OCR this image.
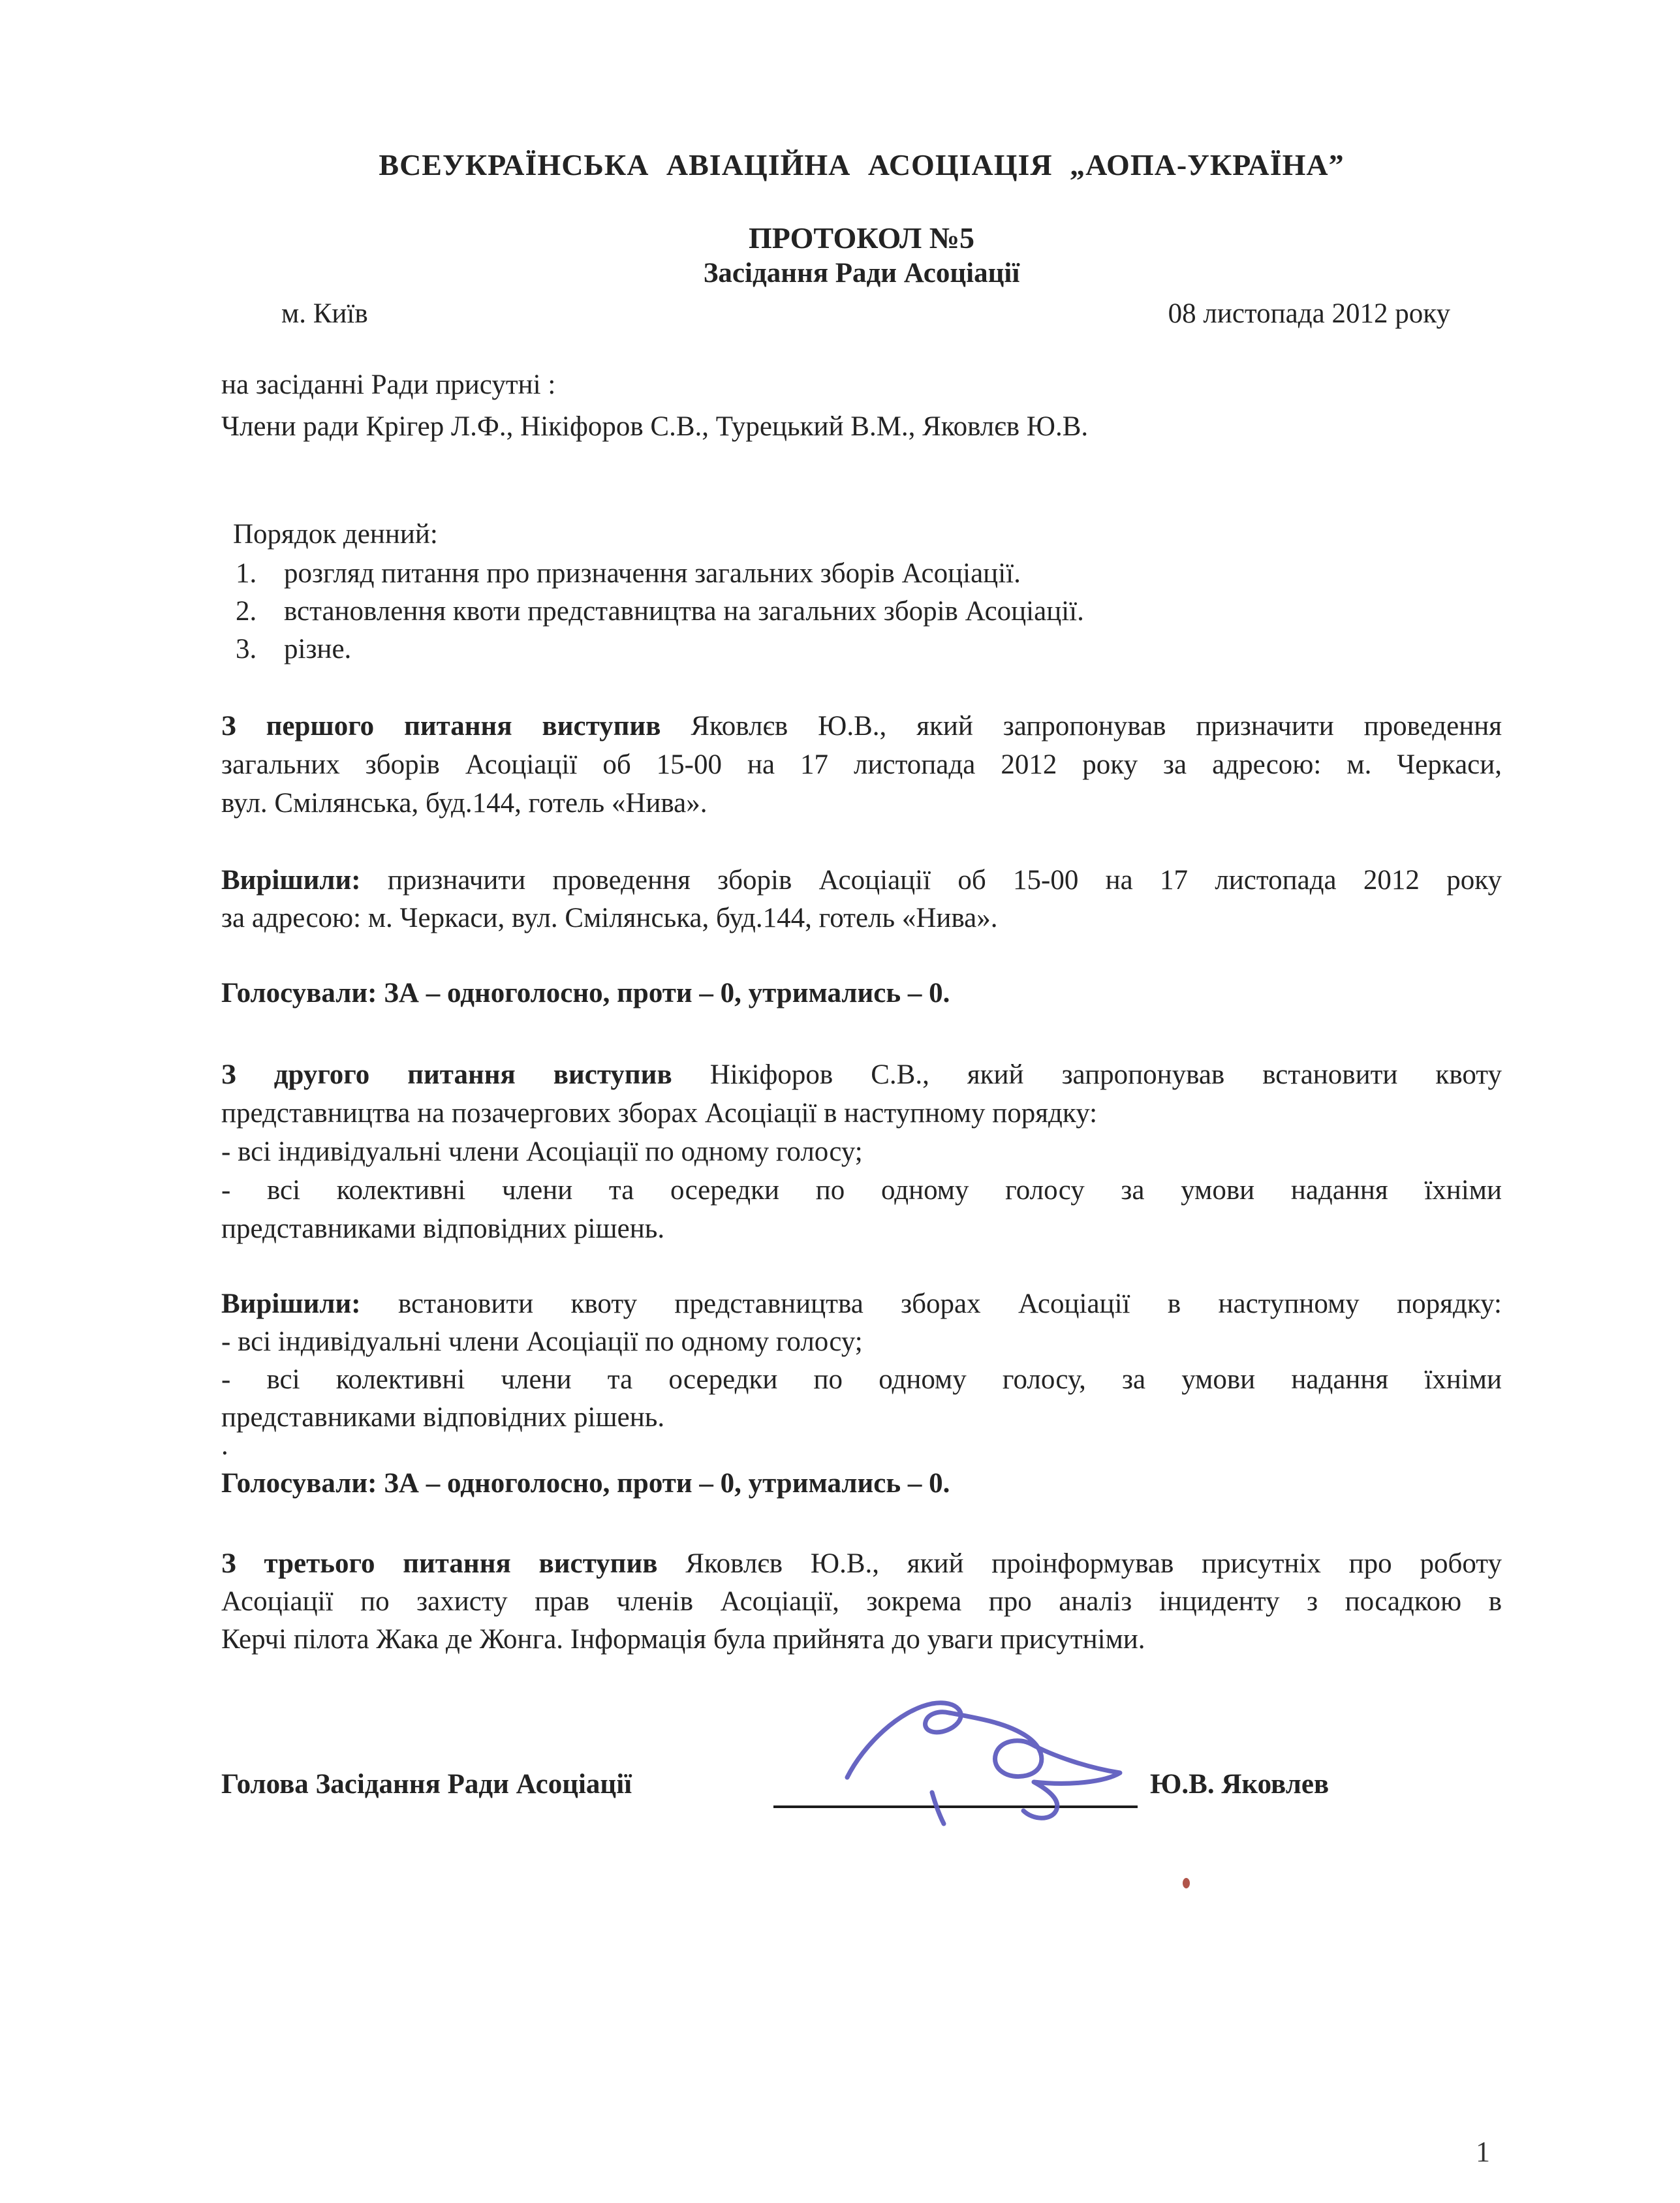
ВСЕУКРАЇНСЬКА АВІАЦІЙНА АСОЦІАЦІЯ „АОПА-УКРАЇНА”
ПРОТОКОЛ №5
Засідання Ради Асоціації
м. Київ	08 листопада 2012 року
на засіданні Ради присутні :
Члени ради Крігер Л.Ф., Нікіфоров С.В., Турецький В.М., Яковлєв Ю.В.
Порядок денний:
1. розгляд питання про призначення загальних зборів Асоціації.
2. встановлення квоти представництва на загальних зборів Асоціації.
3. різне.
З першого питання виступив Яковлєв Ю.В., який запропонував призначити проведення
загальних зборів Асоціації об 15-00 на 17 листопада 2012 року за адресою: м. Черкаси,
вул. Смілянська, буд.144, готель «Нива».
Вирішили: призначити проведення зборів Асоціації об 15-00 на 17 листопада 2012 року
за адресою: м. Черкаси, вул. Смілянська, буд.144, готель «Нива».
Голосували: ЗА – одноголосно, проти – 0, утримались – 0.
З другого питання виступив Нікіфоров С.В., який запропонував встановити квоту
представництва на позачергових зборах Асоціації в наступному порядку:
- всі індивідуальні члени Асоціації по одному голосу;
- всі колективні члени та осередки по одному голосу за умови надання їхніми
представниками відповідних рішень.
Вирішили: встановити квоту представництва зборах Асоціації в наступному порядку:
- всі індивідуальні члени Асоціації по одному голосу;
- всі колективні члени та осередки по одному голосу, за умови надання їхніми
представниками відповідних рішень.
.
Голосували: ЗА – одноголосно, проти – 0, утримались – 0.
З третього питання виступив Яковлєв Ю.В., який проінформував присутніх про роботу
Асоціації по захисту прав членів Асоціації, зокрема про аналіз інциденту з посадкою в
Керчі пілота Жака де Жонга. Інформація була прийнята до уваги присутніми.
Голова Засідання Ради Асоціації	Ю.В. Яковлев
1
